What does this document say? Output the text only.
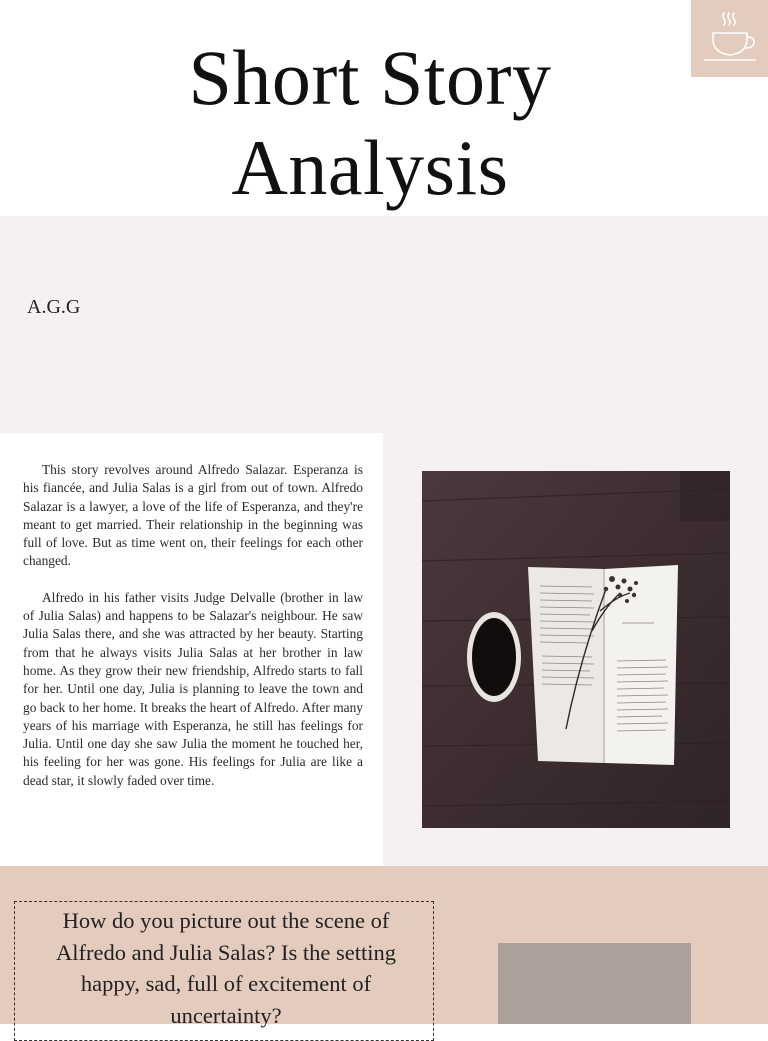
Short Story
Analysis
A.G.G

This story revolves around Alfredo Salazar. Esperanza is his fiancée, and Julia Salas is a girl from out of town. Alfredo Salazar is a lawyer, a love of the life of Esperanza, and they're meant to get married. Their relationship in the beginning was full of love. But as time went on, their feelings for each other changed.

Alfredo in his father visits Judge Delvalle (brother in law of Julia Salas) and happens to be Salazar's neighbour. He saw Julia Salas there, and she was attracted by her beauty. Starting from that he always visits Julia Salas at her brother in law home. As they grow their new friendship, Alfredo starts to fall for her. Until one day, Julia is planning to leave the town and go back to her home. It breaks the heart of Alfredo. After many years of his marriage with Esperanza, he still has feelings for Julia. Until one day she saw Julia the moment he touched her, his feeling for her was gone. His feelings for Julia are like a dead star, it slowly faded over time.

How do you picture out the scene of Alfredo and Julia Salas? Is the setting happy, sad, full of excitement of uncertainty?
